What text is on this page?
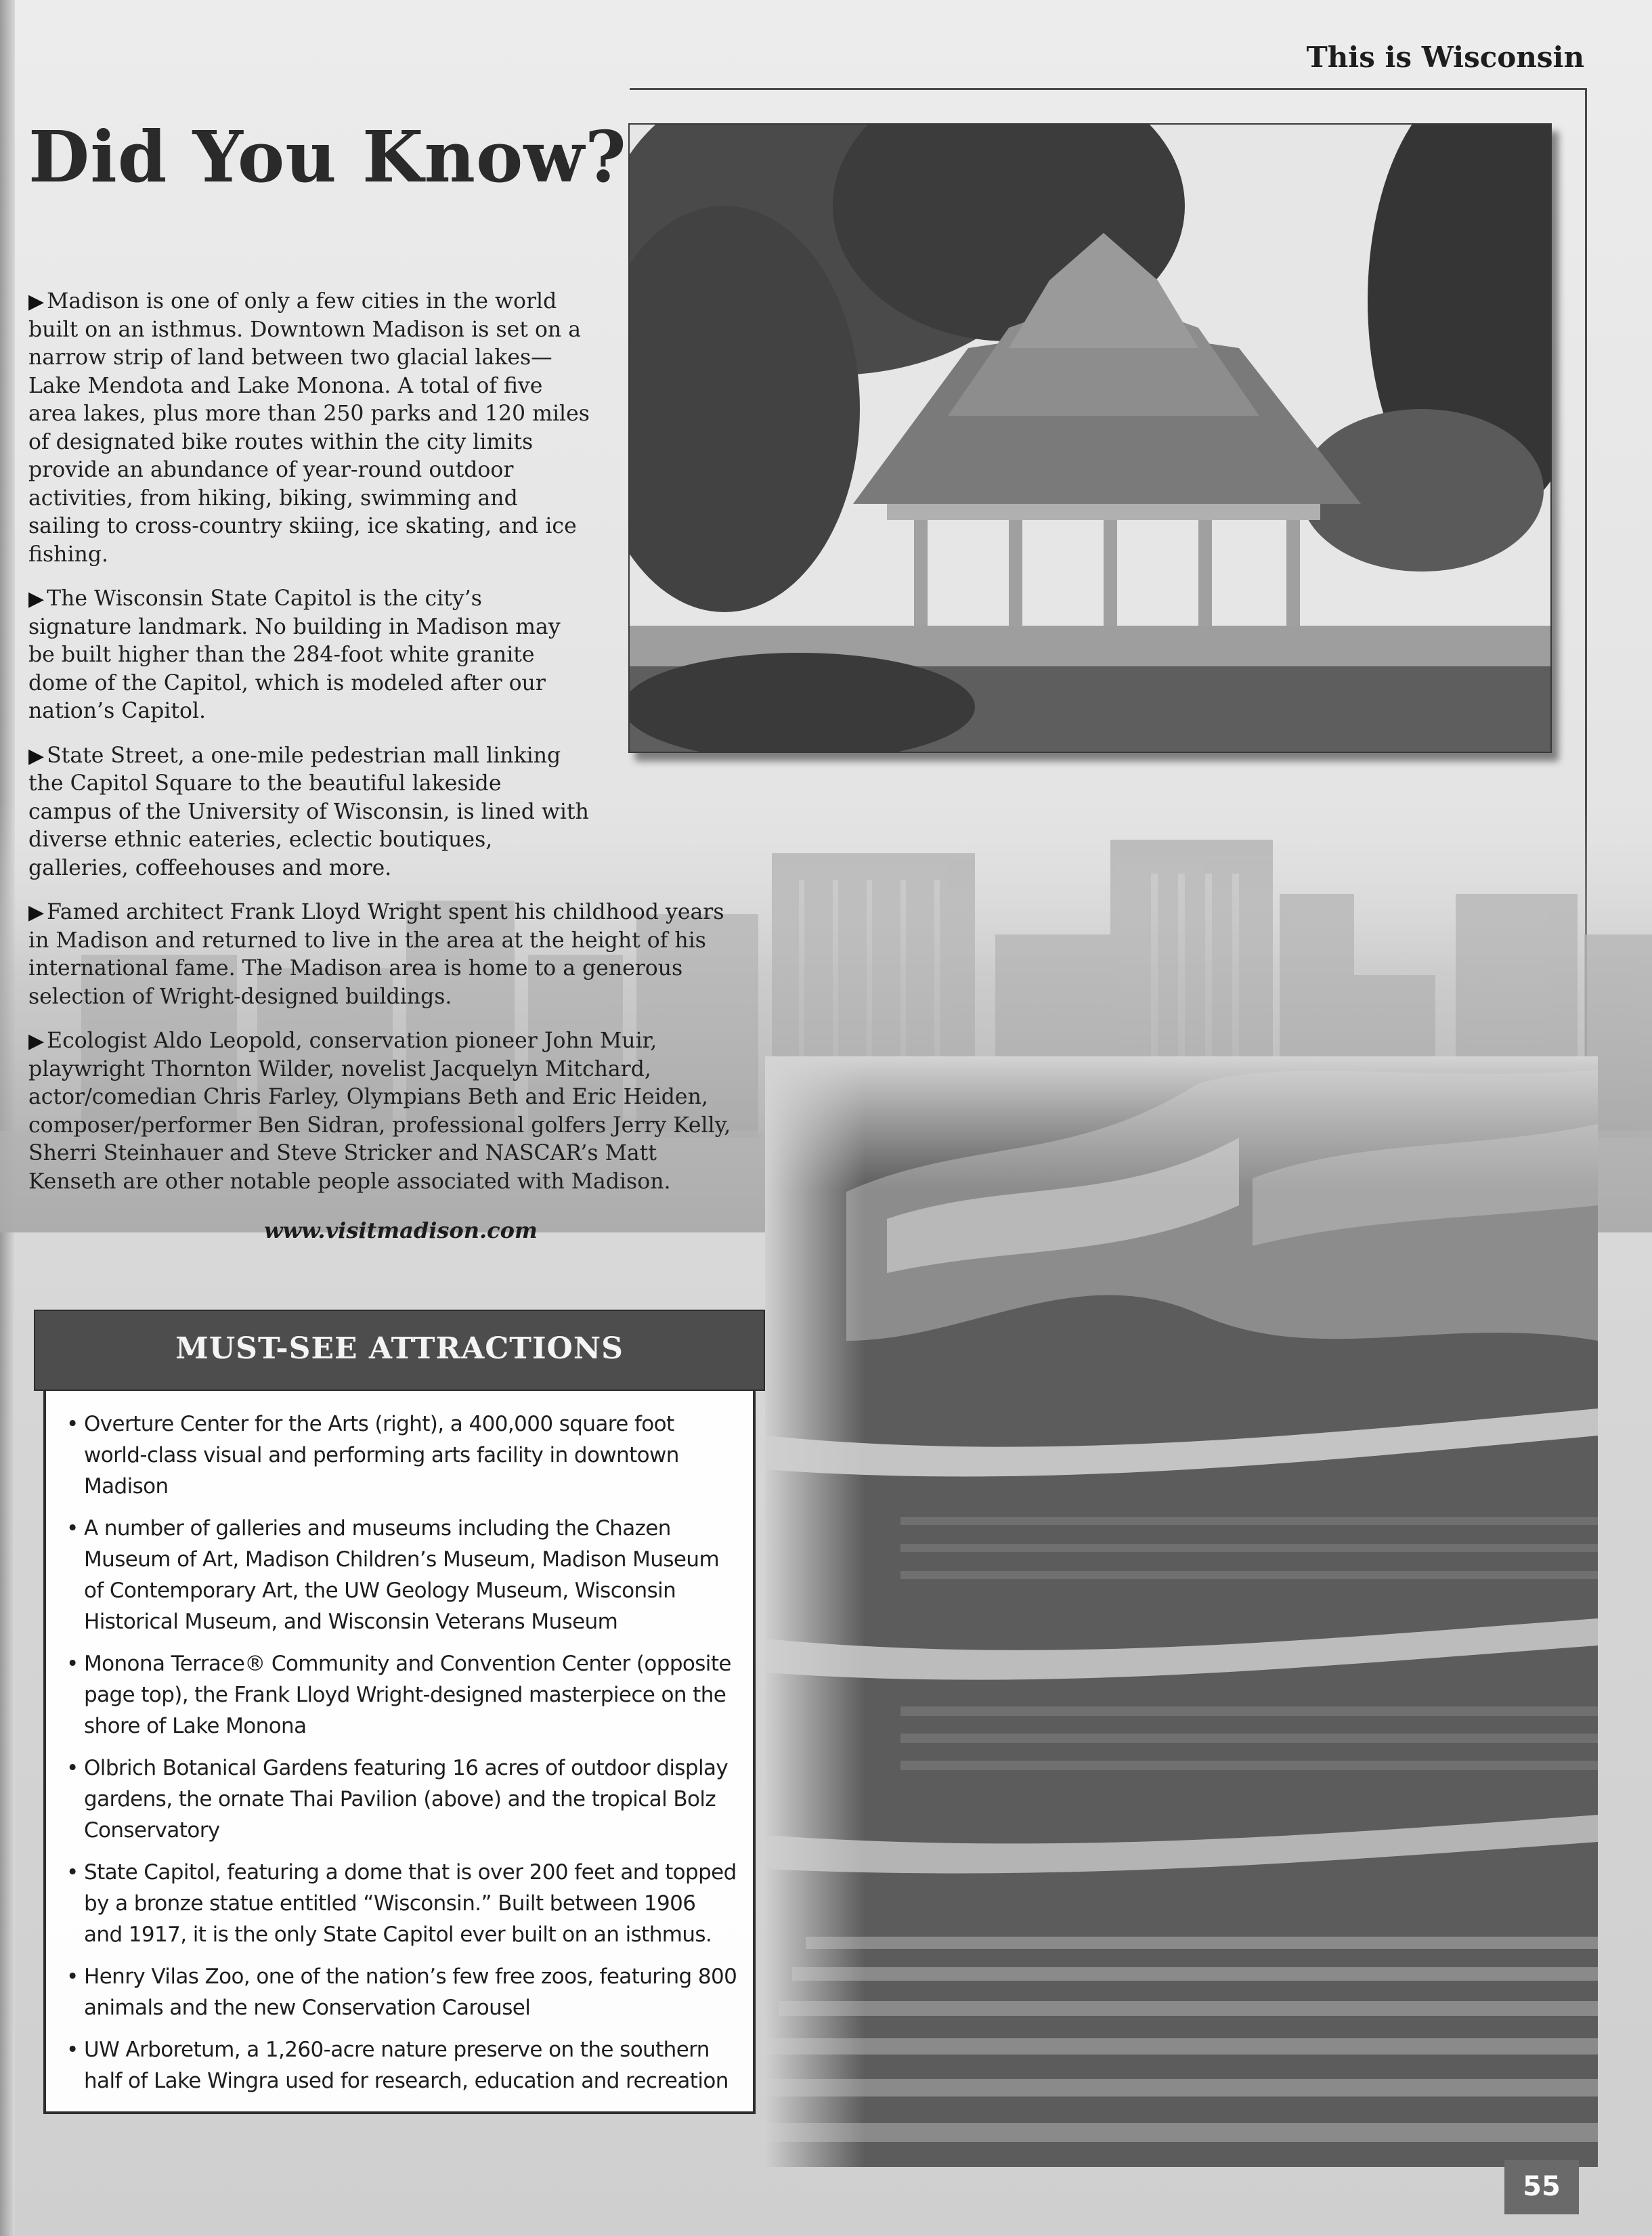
This is Wisconsin
Did You Know?

▶ Madison is one of only a few cities in the world built on an isthmus. Downtown Madison is set on a narrow strip of land between two glacial lakes—Lake Mendota and Lake Monona. A total of five area lakes, plus more than 250 parks and 120 miles of designated bike routes within the city limits provide an abundance of year-round outdoor activities, from hiking, biking, swimming and sailing to cross-country skiing, ice skating, and ice fishing.

▶ The Wisconsin State Capitol is the city’s signature landmark. No building in Madison may be built higher than the 284-foot white granite dome of the Capitol, which is modeled after our nation’s Capitol.

▶ State Street, a one-mile pedestrian mall linking the Capitol Square to the beautiful lakeside campus of the University of Wisconsin, is lined with diverse ethnic eateries, eclectic boutiques, galleries, coffeehouses and more.

▶ Famed architect Frank Lloyd Wright spent his childhood years in Madison and returned to live in the area at the height of his international fame. The Madison area is home to a generous selection of Wright-designed buildings.

▶ Ecologist Aldo Leopold, conservation pioneer John Muir, playwright Thornton Wilder, novelist Jacquelyn Mitchard, actor/comedian Chris Farley, Olympians Beth and Eric Heiden, composer/performer Ben Sidran, professional golfers Jerry Kelly, Sherri Steinhauer and Steve Stricker and NASCAR’s Matt Kenseth are other notable people associated with Madison.

www.visitmadison.com
MUST-SEE ATTRACTIONS
• Overture Center for the Arts (right), a 400,000 square foot world-class visual and performing arts facility in downtown Madison
• A number of galleries and museums including the Chazen Museum of Art, Madison Children’s Museum, Madison Museum of Contemporary Art, the UW Geology Museum, Wisconsin Historical Museum, and Wisconsin Veterans Museum
• Monona Terrace® Community and Convention Center (opposite page top), the Frank Lloyd Wright-designed masterpiece on the shore of Lake Monona
• Olbrich Botanical Gardens featuring 16 acres of outdoor display gardens, the ornate Thai Pavilion (above) and the tropical Bolz Conservatory
• State Capitol, featuring a dome that is over 200 feet and topped by a bronze statue entitled “Wisconsin.” Built between 1906 and 1917, it is the only State Capitol ever built on an isthmus.
• Henry Vilas Zoo, one of the nation’s few free zoos, featuring 800 animals and the new Conservation Carousel
• UW Arboretum, a 1,260-acre nature preserve on the southern half of Lake Wingra used for research, education and recreation
55
